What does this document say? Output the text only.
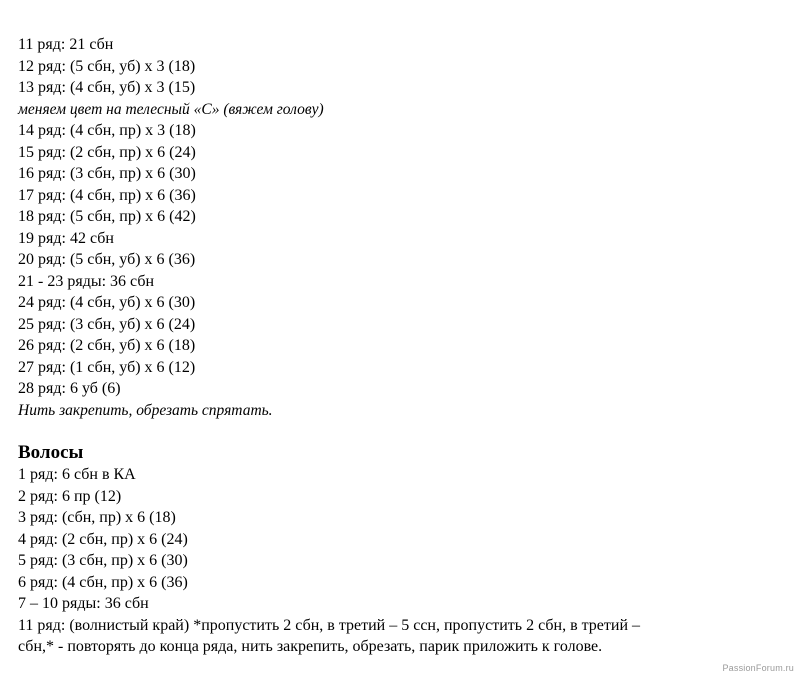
11 ряд: 21 сбн
12 ряд: (5 сбн, уб) х 3 (18)
13 ряд: (4 сбн, уб) х 3 (15)
меняем цвет на телесный «С» (вяжем голову)
14 ряд: (4 сбн, пр) х 3 (18)
15 ряд: (2 сбн, пр) х 6 (24)
16 ряд: (3 сбн, пр) х 6 (30)
17 ряд: (4 сбн, пр) х 6 (36)
18 ряд: (5 сбн, пр) х 6 (42)
19 ряд: 42 сбн
20 ряд: (5 сбн, уб) х 6 (36)
21 - 23 ряды: 36 сбн
24 ряд: (4 сбн, уб) х 6 (30)
25 ряд: (3 сбн, уб) х 6 (24)
26 ряд: (2 сбн, уб) х 6 (18)
27 ряд: (1 сбн, уб) х 6 (12)
28 ряд: 6 уб (6)
Нить закрепить, обрезать спрятать.
Волосы
1 ряд: 6 сбн в КА
2 ряд: 6 пр (12)
3 ряд: (сбн, пр) х 6 (18)
4 ряд: (2 сбн, пр) х 6 (24)
5 ряд: (3 сбн, пр) х 6 (30)
6 ряд: (4 сбн, пр) х 6 (36)
7 – 10 ряды: 36 сбн
11 ряд: (волнистый край) *пропустить 2 сбн, в третий – 5 ссн, пропустить 2 сбн, в третий –
сбн,* - повторять до конца ряда, нить закрепить, обрезать, парик приложить к голове.
PassionForum.ru
